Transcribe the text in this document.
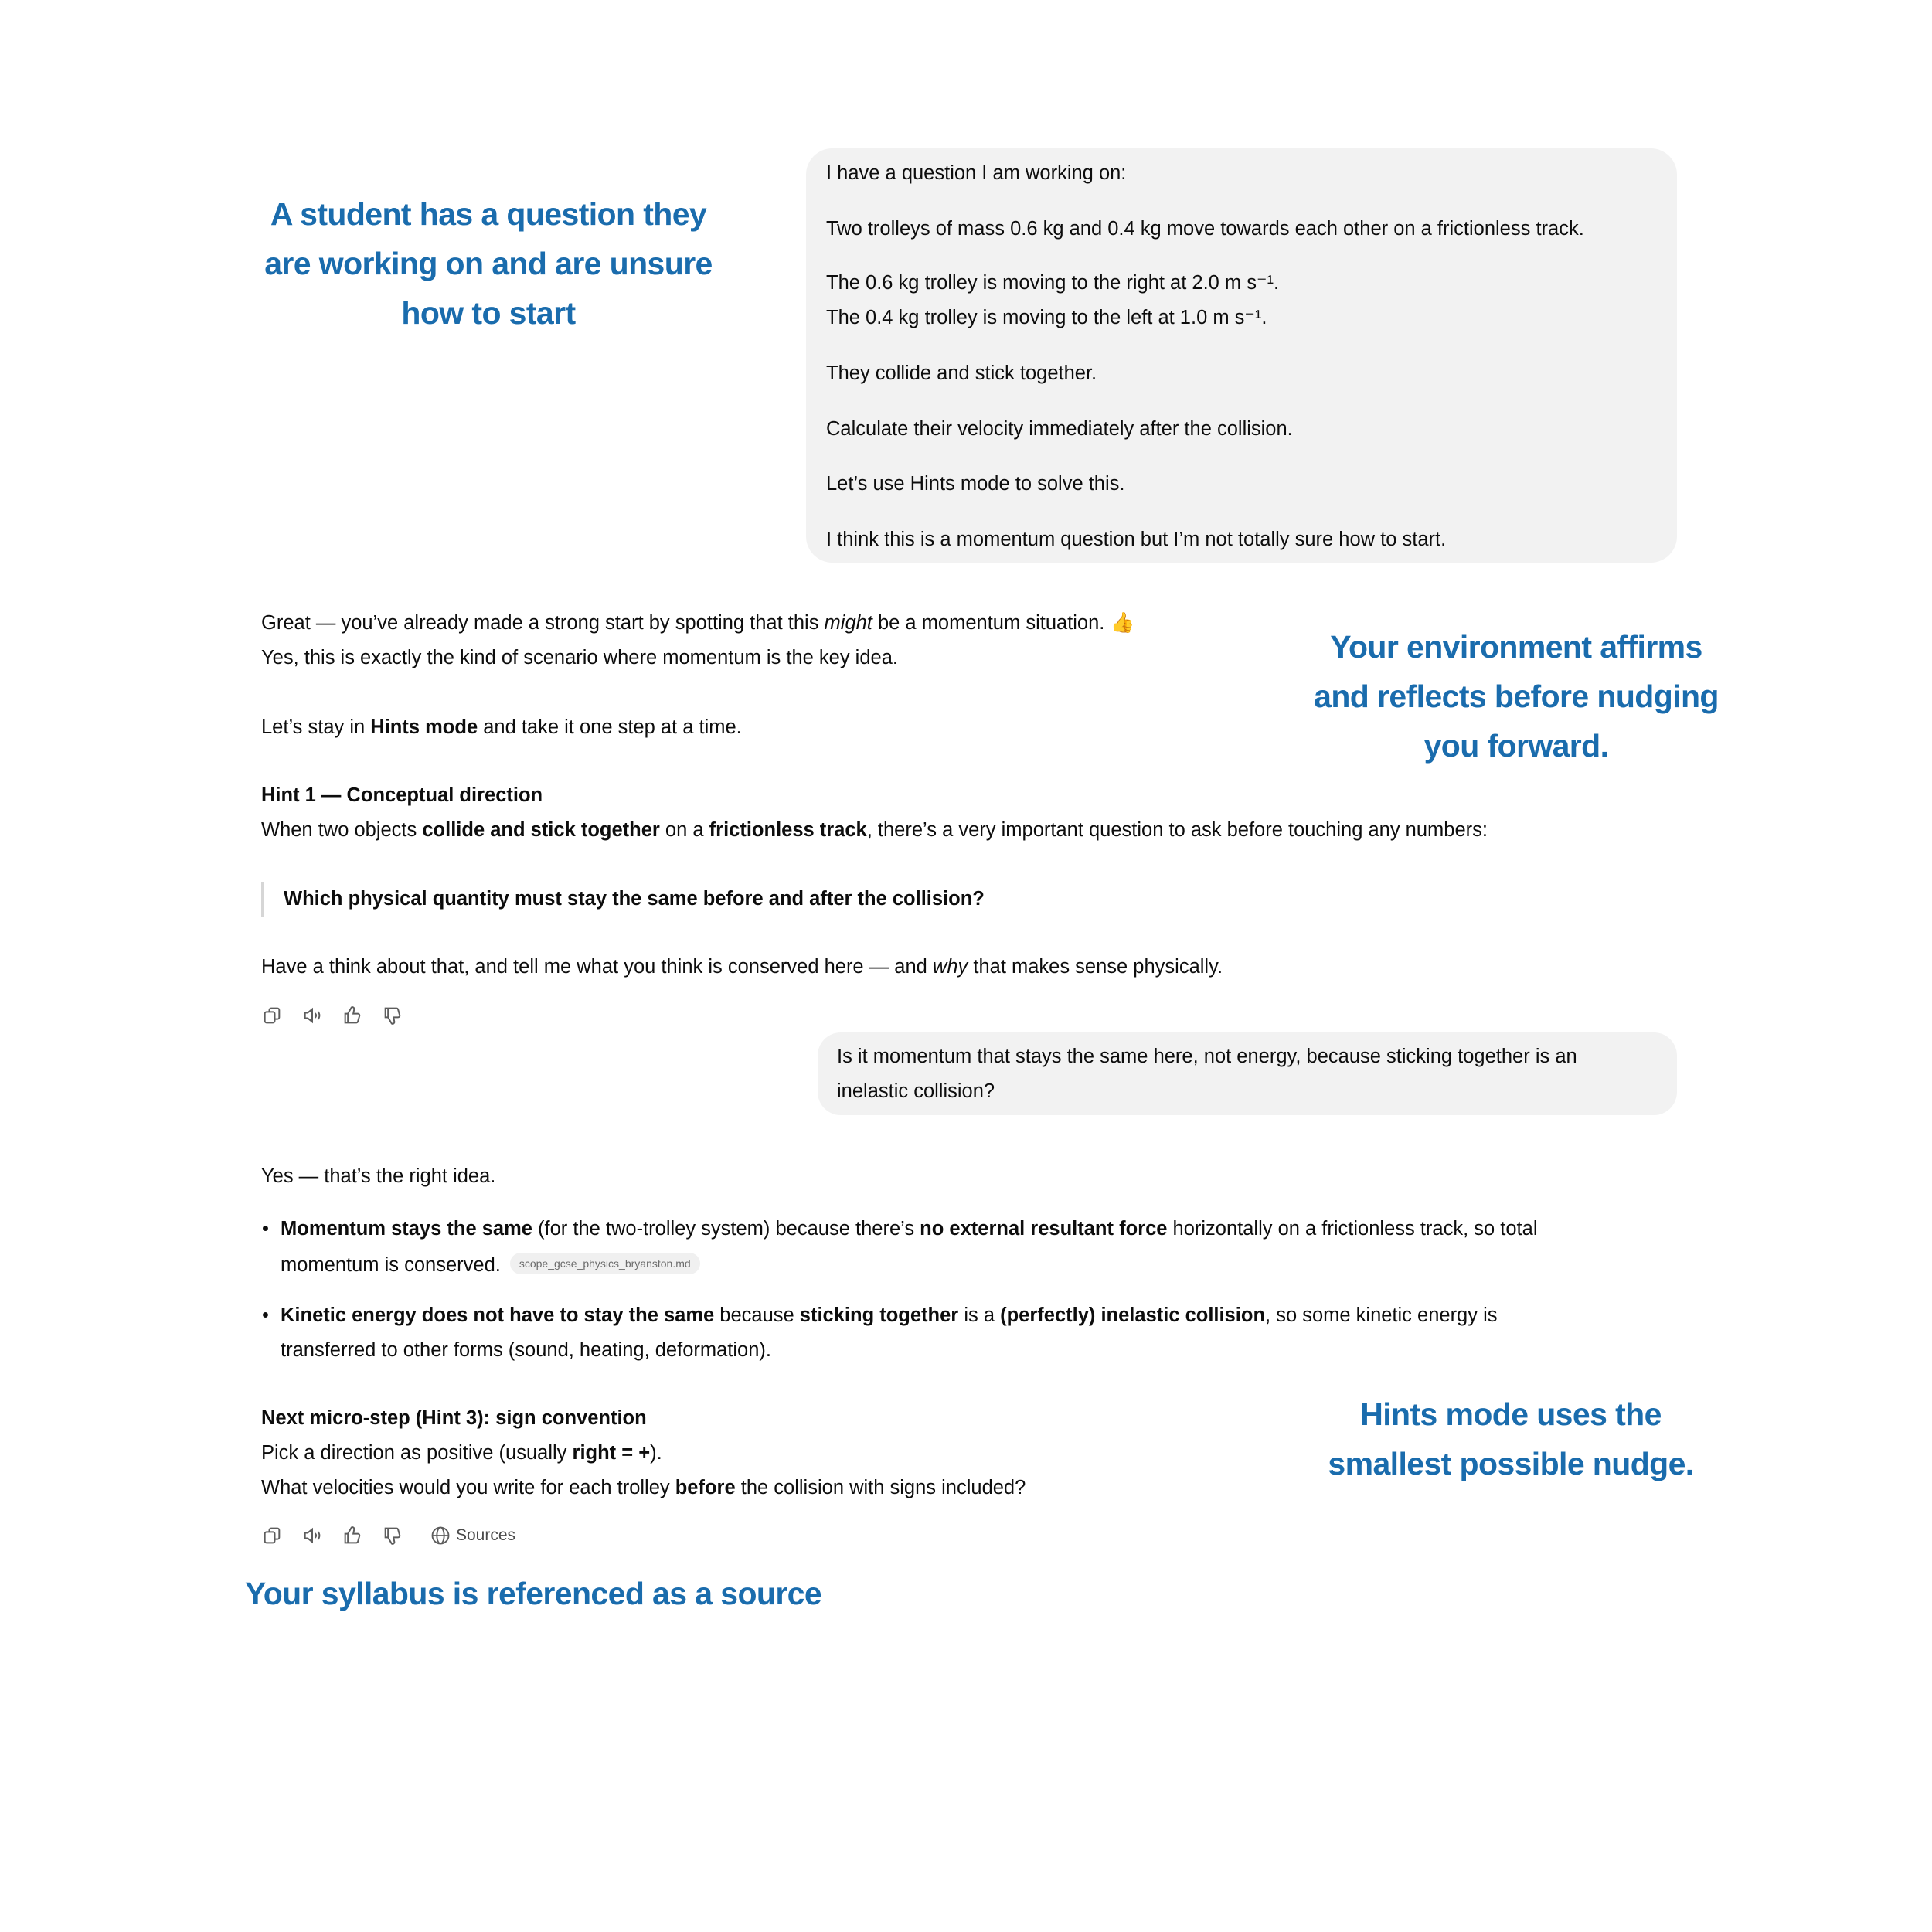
A student has a question they
are working on and are unsure
how to start
I have a question I am working on:
Two trolleys of mass 0.6 kg and 0.4 kg move towards each other on a frictionless track.
The 0.6 kg trolley is moving to the right at 2.0 m s⁻¹.
The 0.4 kg trolley is moving to the left at 1.0 m s⁻¹.
They collide and stick together.
Calculate their velocity immediately after the collision.
Let’s use Hints mode to solve this.
I think this is a momentum question but I’m not totally sure how to start.
Great — you’ve already made a strong start by spotting that this might be a momentum situation. 👍
Yes, this is exactly the kind of scenario where momentum is the key idea.
Let’s stay in Hints mode and take it one step at a time.
Hint 1 — Conceptual direction
When two objects collide and stick together on a frictionless track, there’s a very important question to ask before touching any numbers:
Which physical quantity must stay the same before and after the collision?
Have a think about that, and tell me what you think is conserved here — and why that makes sense physically.
Your environment affirms
and reflects before nudging
you forward.
Is it momentum that stays the same here, not energy, because sticking together is an
inelastic collision?
Yes — that’s the right idea.
• Momentum stays the same (for the two-trolley system) because there’s no external resultant force horizontally on a frictionless track, so total
momentum is conserved. scope_gcse_physics_bryanston.md
• Kinetic energy does not have to stay the same because sticking together is a (perfectly) inelastic collision, so some kinetic energy is
transferred to other forms (sound, heating, deformation).
Next micro-step (Hint 3): sign convention
Pick a direction as positive (usually right = +).
What velocities would you write for each trolley before the collision with signs included?
Sources
Hints mode uses the
smallest possible nudge.
Your syllabus is referenced as a source
